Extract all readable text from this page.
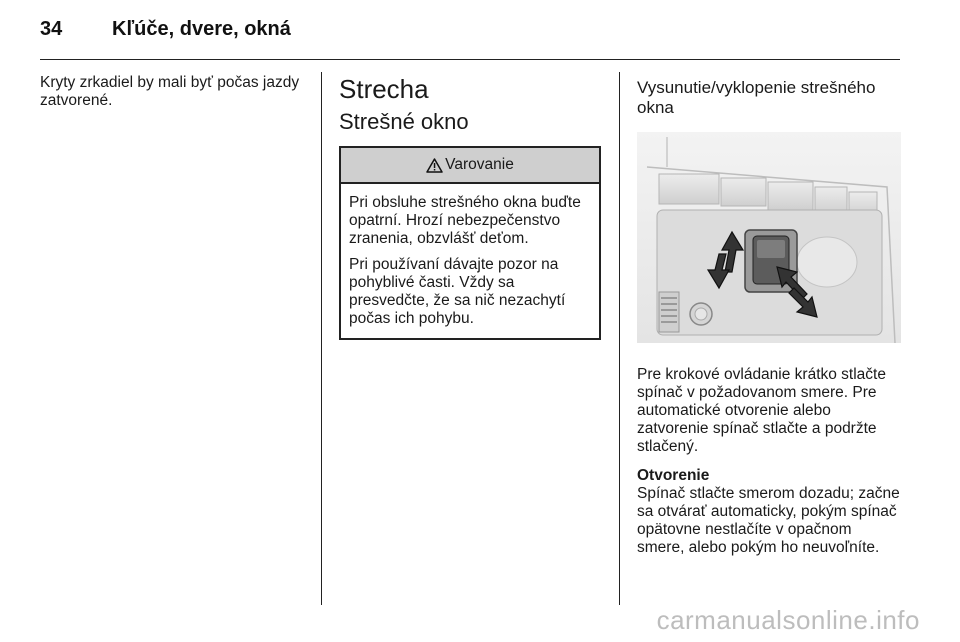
34 Kľúče, dvere, okná

Kryty zrkadiel by mali byť počas jazdy zatvorené.	Strecha
Strešné okno
Varovanie

Pri obsluhe strešného okna buďte opatrní. Hrozí nebezpečenstvo zranenia, obzvlášť deťom.

Pri používaní dávajte pozor na pohyblivé časti. Vždy sa presvedčte, že sa nič nezachytí počas ich pohybu.

Vysunutie/vyklopenie strešného okna

Pre krokové ovládanie krátko stlačte spínač v požadovanom smere. Pre automatické otvorenie alebo zatvorenie spínač stlačte a podržte stlačený.

Otvorenie

Spínač stlačte smerom dozadu; začne sa otvárať automaticky, pokým spínač opätovne nestlačíte v opačnom smere, alebo pokým ho neuvoľníte.

carmanualsonline.info
